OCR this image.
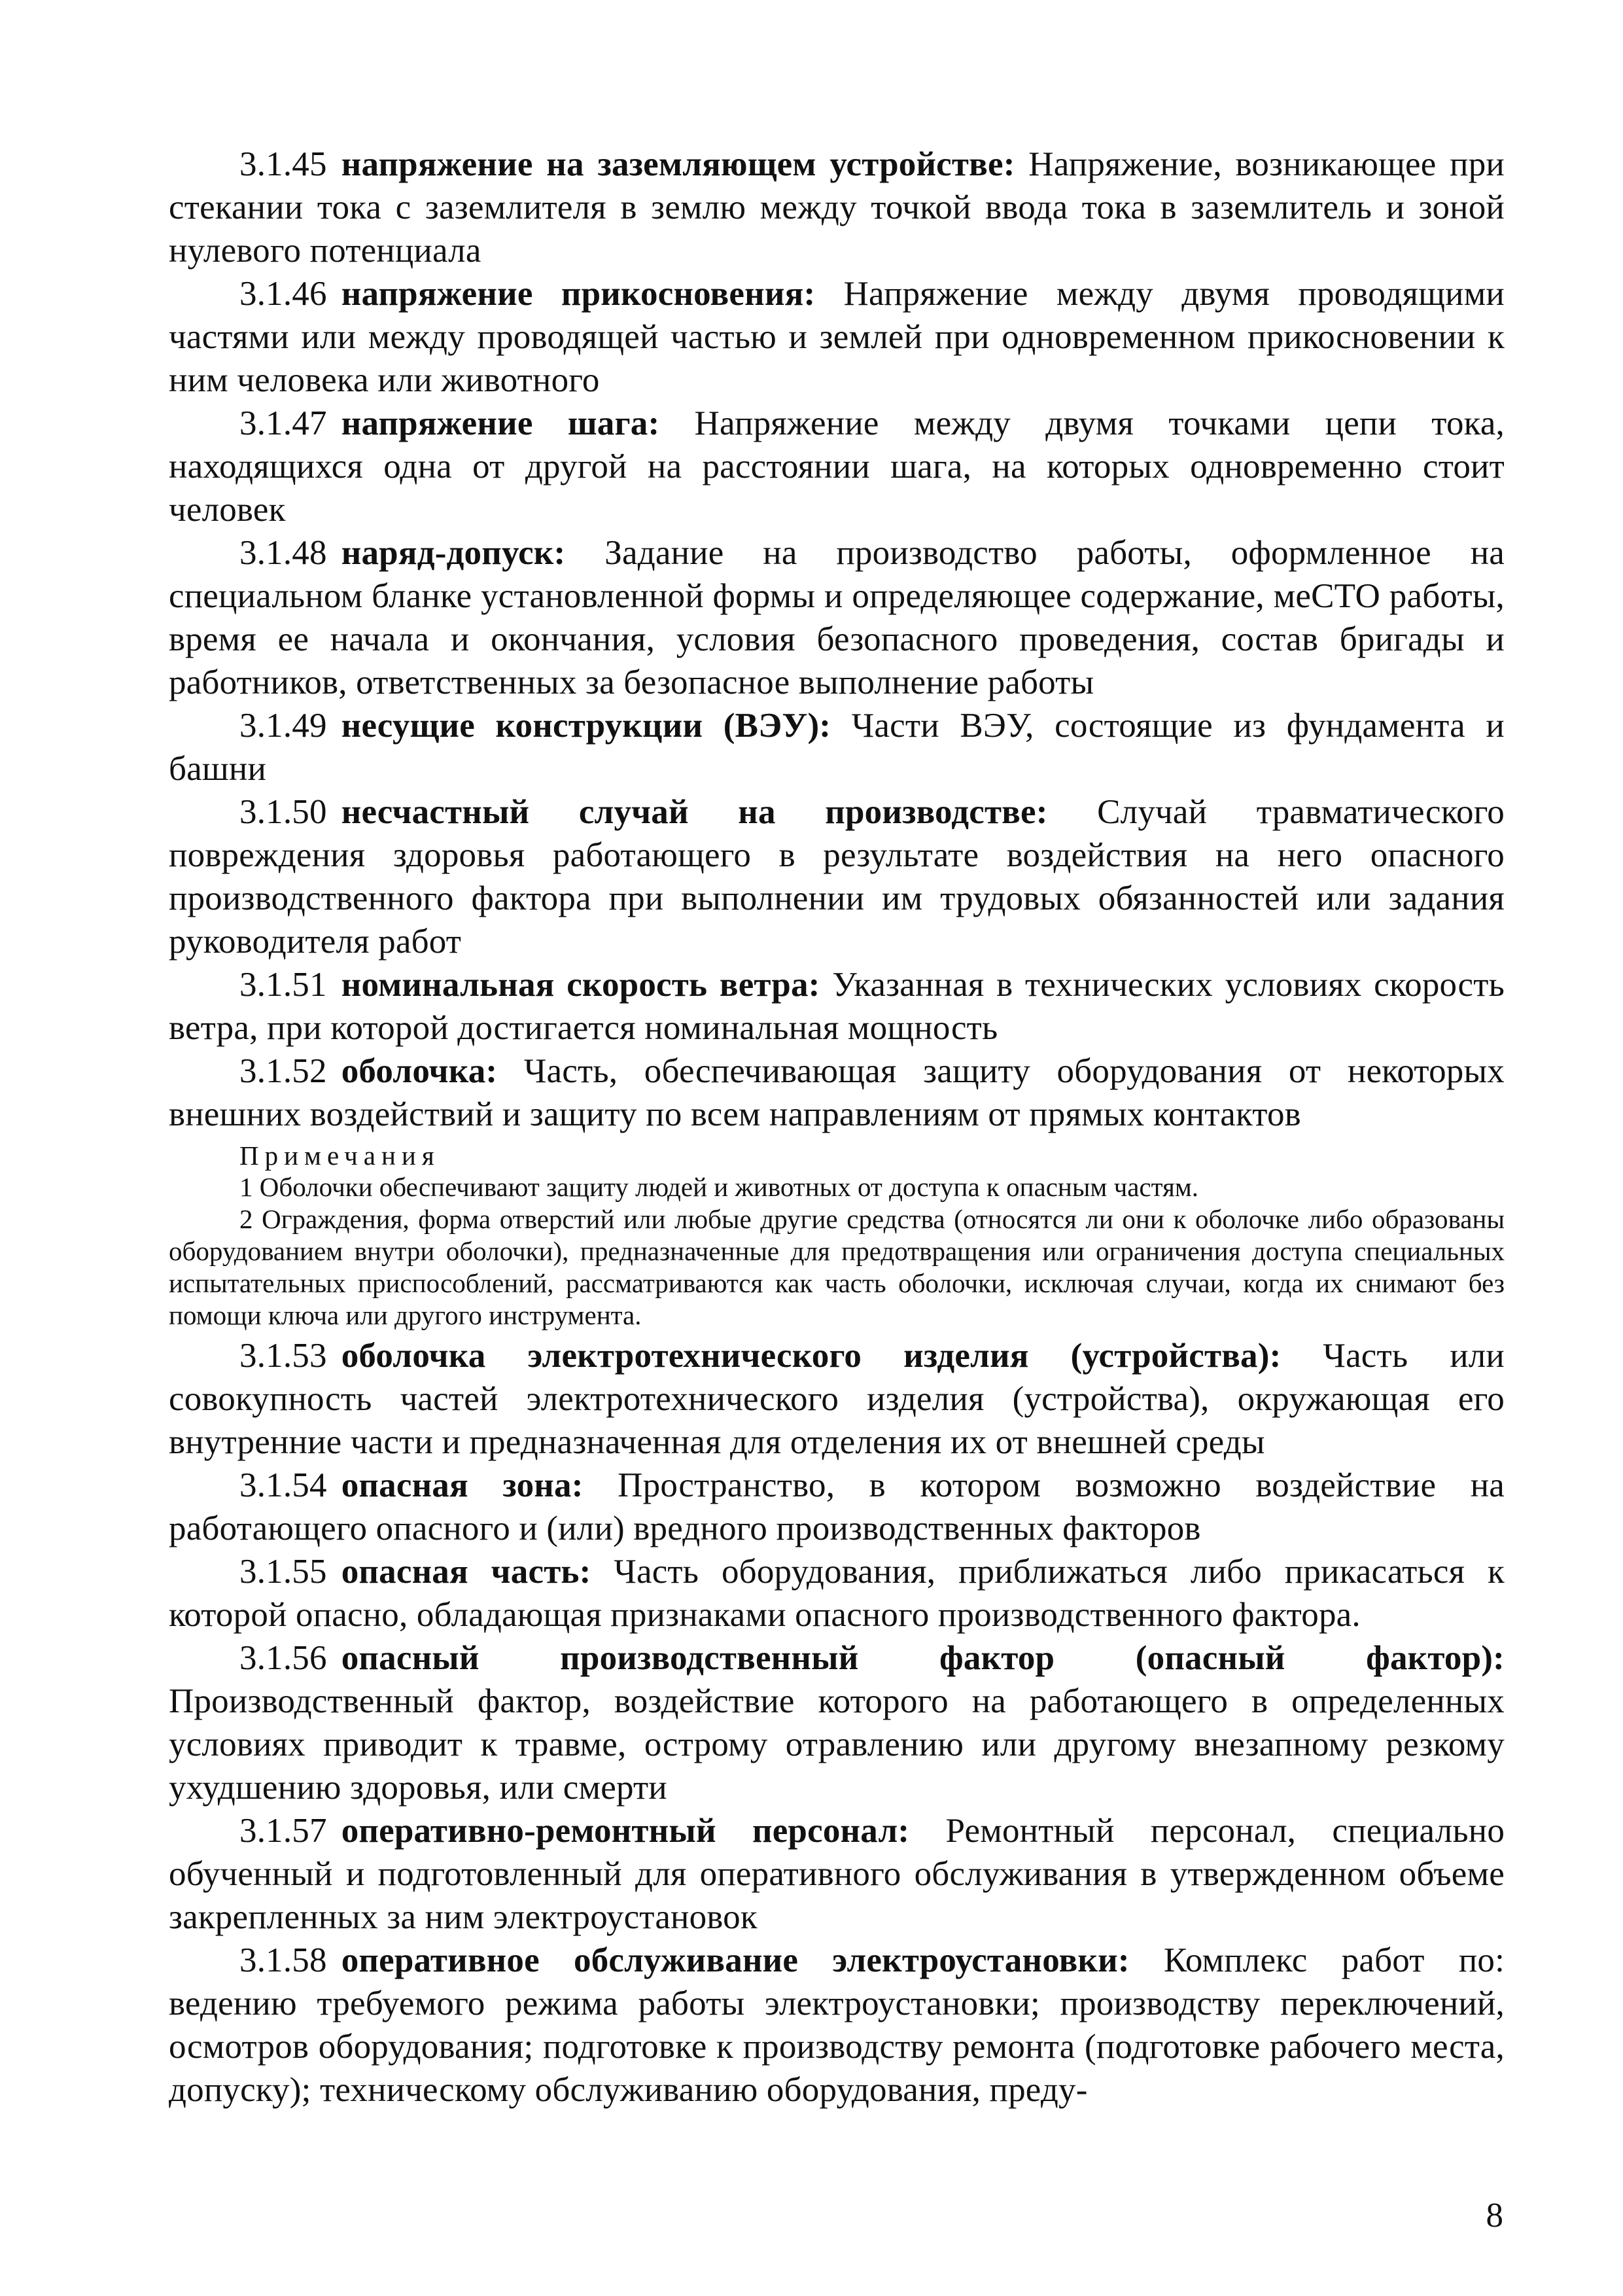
3.1.45 напряжение на заземляющем устройстве: Напряжение, возникающее при стекании тока с заземлителя в землю между точкой ввода тока в заземлитель и зоной нулевого потенциала

3.1.46 напряжение прикосновения: Напряжение между двумя проводящими частями или между проводящей частью и землей при одновременном прикосновении к ним человека или животного

3.1.47 напряжение шага: Напряжение между двумя точками цепи тока, находящихся одна от другой на расстоянии шага, на которых одновременно стоит человек

3.1.48 наряд-допуск: Задание на производство работы, оформленное на специальном бланке установленной формы и определяющее содержание, меСТО работы, время ее начала и окончания, условия безопасного проведения, состав бригады и работников, ответственных за безопасное выполнение работы

3.1.49 несущие конструкции (ВЭУ): Части ВЭУ, состоящие из фундамента и башни

3.1.50 несчастный случай на производстве: Случай травматического повреждения здоровья работающего в результате воздействия на него опасного производственного фактора при выполнении им трудовых обязанностей или задания руководителя работ

3.1.51 номинальная скорость ветра: Указанная в технических условиях скорость ветра, при которой достигается номинальная мощность

3.1.52 оболочка: Часть, обеспечивающая защиту оборудования от некоторых внешних воздействий и защиту по всем направлениям от прямых контактов

Примечания

1 Оболочки обеспечивают защиту людей и животных от доступа к опасным частям.

2 Ограждения, форма отверстий или любые другие средства (относятся ли они к оболочке либо образованы оборудованием внутри оболочки), предназначенные для предотвращения или ограничения доступа специальных испытательных приспособлений, рассматриваются как часть оболочки, исключая случаи, когда их снимают без помощи ключа или другого инструмента.

3.1.53 оболочка электротехнического изделия (устройства): Часть или совокупность частей электротехнического изделия (устройства), окружающая его внутренние части и предназначенная для отделения их от внешней среды

3.1.54 опасная зона: Пространство, в котором возможно воздействие на работающего опасного и (или) вредного производственных факторов

3.1.55 опасная часть: Часть оборудования, приближаться либо прикасаться к которой опасно, обладающая признаками опасного производственного фактора.

3.1.56 опасный производственный фактор (опасный фактор): Производственный фактор, воздействие которого на работающего в определенных условиях приводит к травме, острому отравлению или другому внезапному резкому ухудшению здоровья, или смерти

3.1.57 оперативно-ремонтный персонал: Ремонтный персонал, специально обученный и подготовленный для оперативного обслуживания в утвержденном объеме закрепленных за ним электроустановок

3.1.58 оперативное обслуживание электроустановки: Комплекс работ по: ведению требуемого режима работы электроустановки; производству переключений, осмотров оборудования; подготовке к производству ремонта (подготовке рабочего места, допуску); техническому обслуживанию оборудования, преду-

8
